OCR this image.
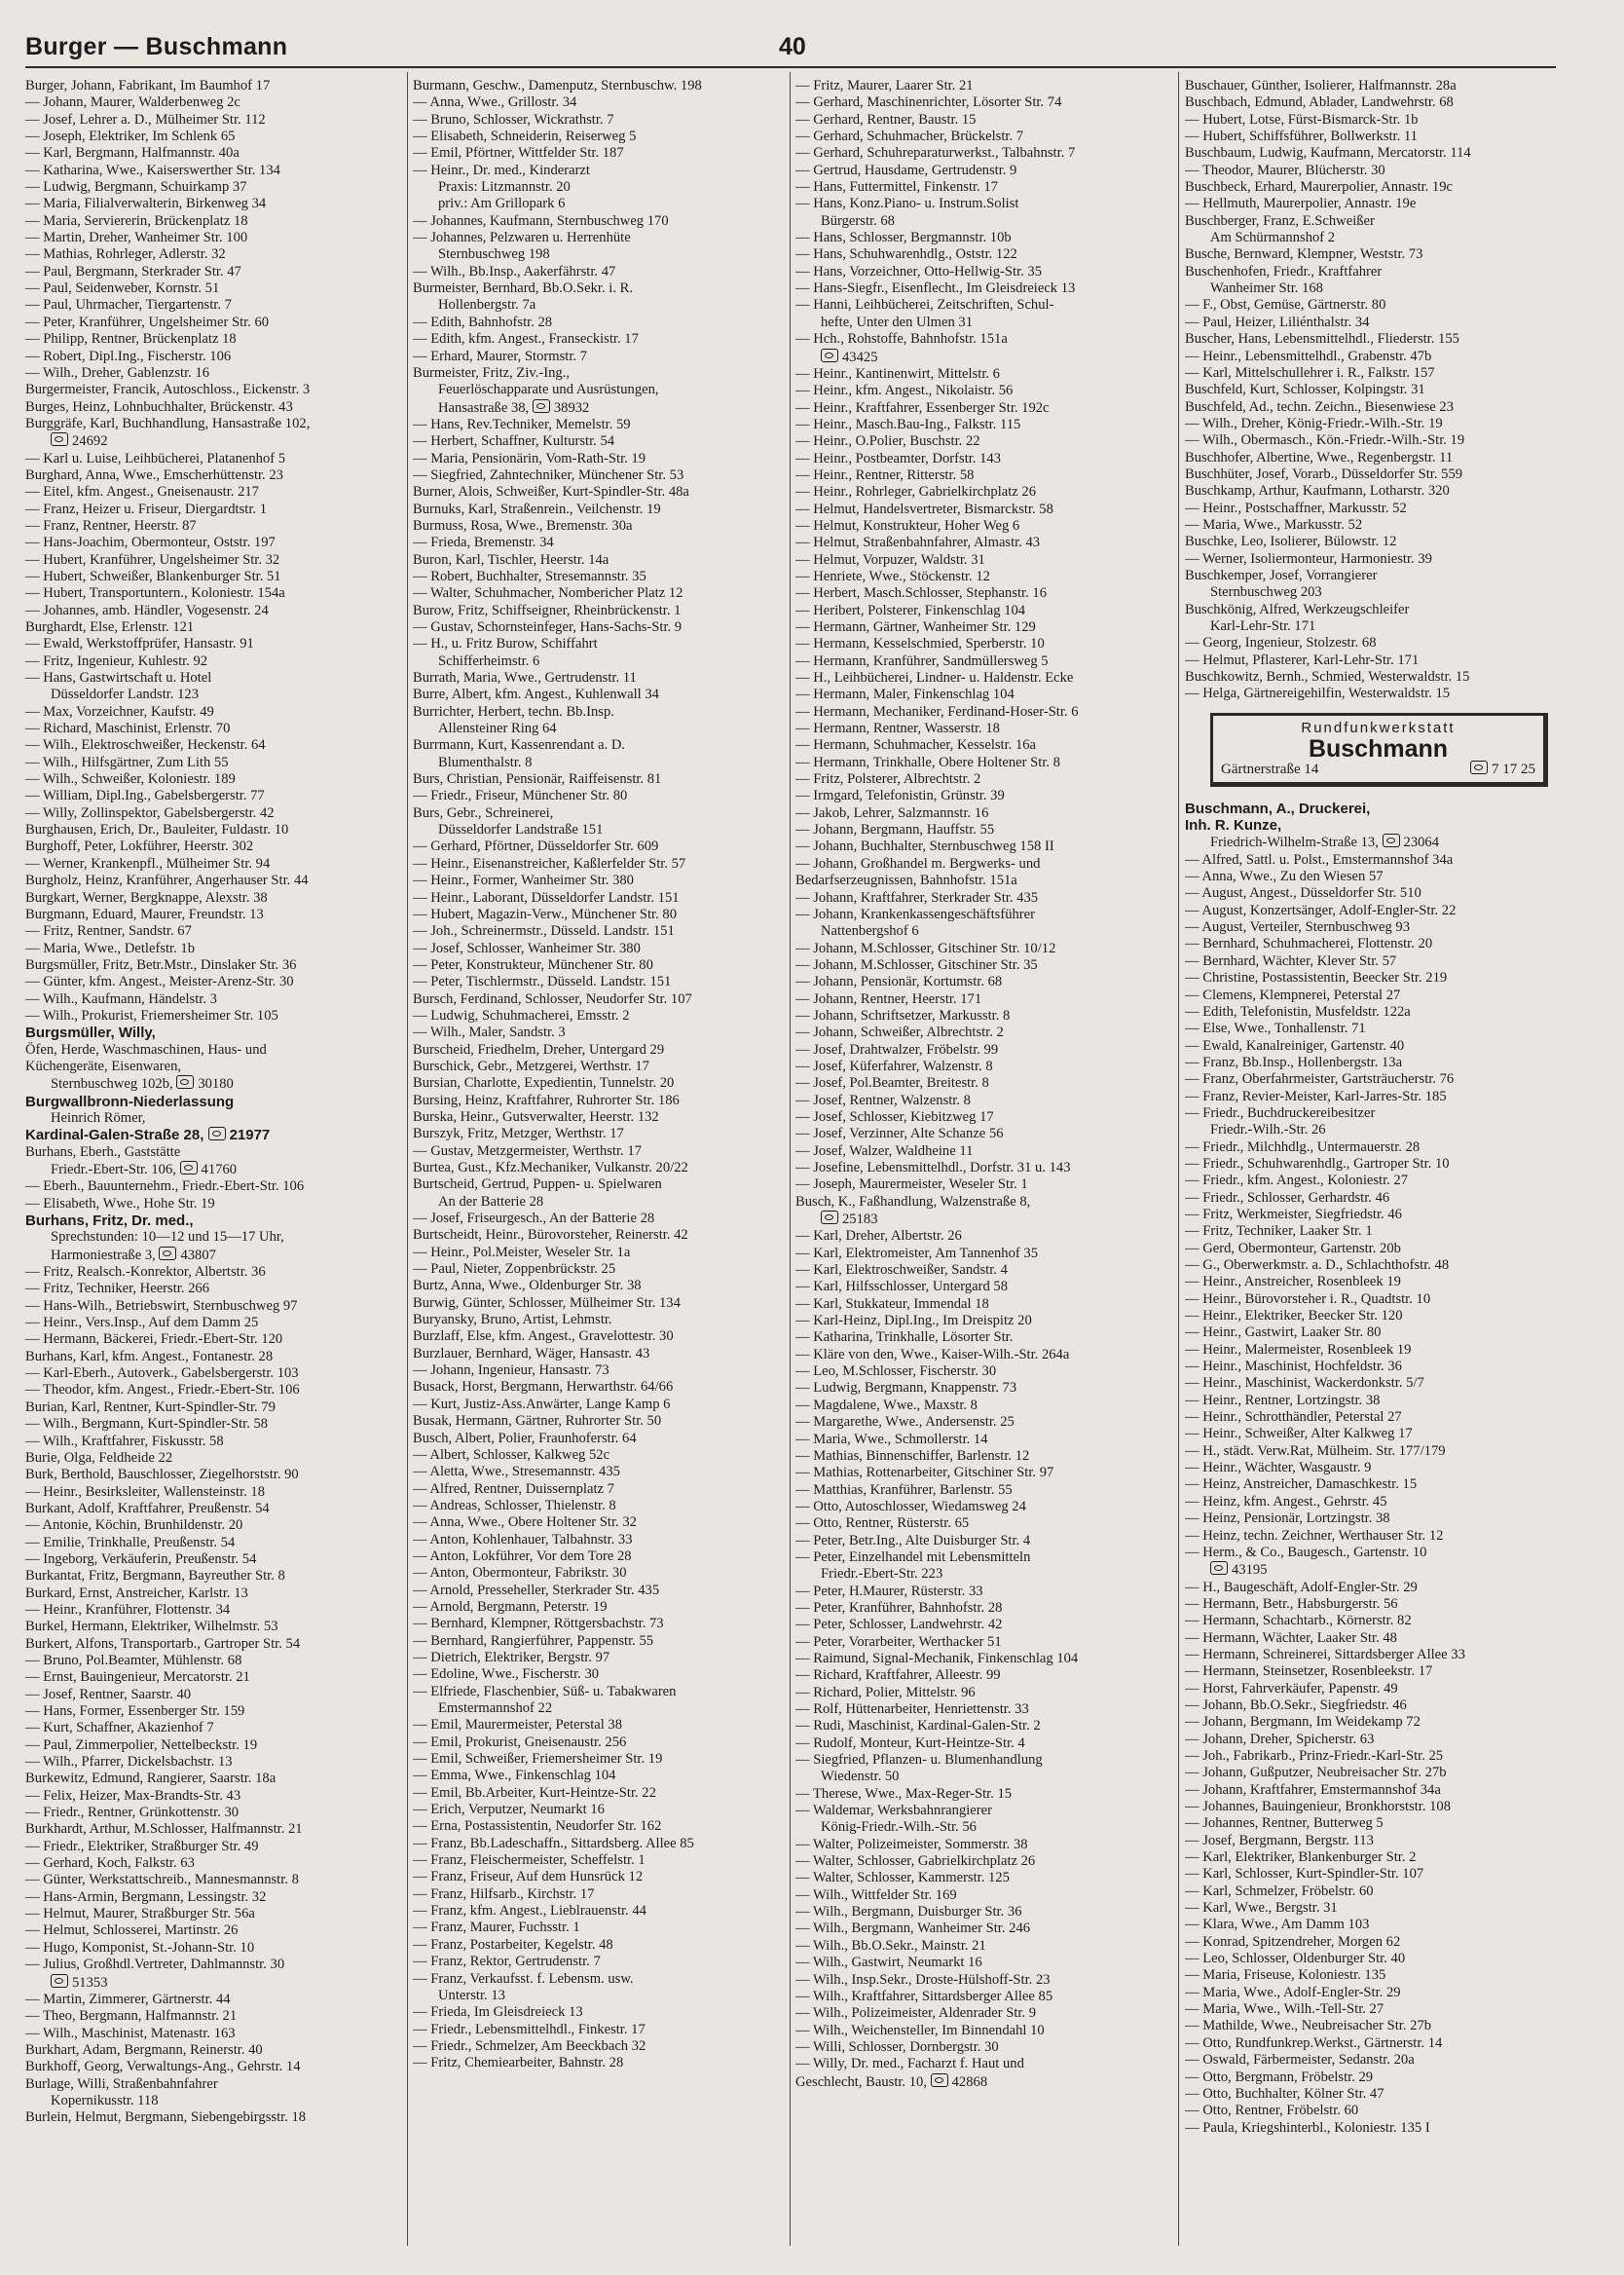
Burger — Buschmann	40
Burger, Johann, Fabrikant, Im Baumhof 17
— Johann, Maurer, Walderbenweg 2c
— Josef, Lehrer a. D., Mülheimer Str. 112
— Joseph, Elektriker, Im Schlenk 65
— Karl, Bergmann, Halfmannstr. 40a
— Katharina, Wwe., Kaiserswerther Str. 134
— Ludwig, Bergmann, Schuirkamp 37
— Maria, Filialverwalterin, Birkenweg 34
— Maria, Serviererin, Brückenplatz 18
— Martin, Dreher, Wanheimer Str. 100
— Mathias, Rohrleger, Adlerstr. 32
— Paul, Bergmann, Sterkrader Str. 47
— Paul, Seidenweber, Kornstr. 51
— Paul, Uhrmacher, Tiergartenstr. 7
— Peter, Kranführer, Ungelsheimer Str. 60
— Philipp, Rentner, Brückenplatz 18
— Robert, Dipl.Ing., Fischerstr. 106
— Wilh., Dreher, Gablenzstr. 16
Burgermeister, Francik, Autoschloss., Eickenstr. 3
Burges, Heinz, Lohnbuchhalter, Brückenstr. 43
Burggräfe, Karl, Buchhandlung, Hansastraße 102,
24692
— Karl u. Luise, Leihbücherei, Platanenhof 5
Burghard, Anna, Wwe., Emscherhüttenstr. 23
— Eitel, kfm. Angest., Gneisenaustr. 217
— Franz, Heizer u. Friseur, Diergardtstr. 1
— Franz, Rentner, Heerstr. 87
— Hans-Joachim, Obermonteur, Oststr. 197
— Hubert, Kranführer, Ungelsheimer Str. 32
— Hubert, Schweißer, Blankenburger Str. 51
— Hubert, Transportuntern., Koloniestr. 154a
— Johannes, amb. Händler, Vogesenstr. 24
Burghardt, Else, Erlenstr. 121
— Ewald, Werkstoffprüfer, Hansastr. 91
— Fritz, Ingenieur, Kuhlestr. 92
— Hans, Gastwirtschaft u. Hotel
Düsseldorfer Landstr. 123
— Max, Vorzeichner, Kaufstr. 49
— Richard, Maschinist, Erlenstr. 70
— Wilh., Elektroschweißer, Heckenstr. 64
— Wilh., Hilfsgärtner, Zum Lith 55
— Wilh., Schweißer, Koloniestr. 189
— William, Dipl.Ing., Gabelsbergerstr. 77
— Willy, Zollinspektor, Gabelsbergerstr. 42
Burghausen, Erich, Dr., Bauleiter, Fuldastr. 10
Burghoff, Peter, Lokführer, Heerstr. 302
— Werner, Krankenpfl., Mülheimer Str. 94
Burgholz, Heinz, Kranführer, Angerhauser Str. 44
Burgkart, Werner, Bergknappe, Alexstr. 38
Burgmann, Eduard, Maurer, Freundstr. 13
— Fritz, Rentner, Sandstr. 67
— Maria, Wwe., Detlefstr. 1b
Burgsmüller, Fritz, Betr.Mstr., Dinslaker Str. 36
— Günter, kfm. Angest., Meister-Arenz-Str. 30
— Wilh., Kaufmann, Händelstr. 3
— Wilh., Prokurist, Friemersheimer Str. 105
Burgsmüller, Willy,
Öfen, Herde, Waschmaschinen, Haus- und
Küchengeräte, Eisenwaren,
Sternbuschweg 102b, 30180
Burgwallbronn-Niederlassung
Heinrich Römer,
Kardinal-Galen-Straße 28, 21977
Burhans, Eberh., Gaststätte
Friedr.-Ebert-Str. 106, 41760
— Eberh., Bauunternehm., Friedr.-Ebert-Str. 106
— Elisabeth, Wwe., Hohe Str. 19
Burhans, Fritz, Dr. med.,
Sprechstunden: 10—12 und 15—17 Uhr,
Harmoniestraße 3, 43807
— Fritz, Realsch.-Konrektor, Albertstr. 36
— Fritz, Techniker, Heerstr. 266
— Hans-Wilh., Betriebswirt, Sternbuschweg 97
— Heinr., Vers.Insp., Auf dem Damm 25
— Hermann, Bäckerei, Friedr.-Ebert-Str. 120
Burhans, Karl, kfm. Angest., Fontanestr. 28
— Karl-Eberh., Autoverk., Gabelsbergerstr. 103
— Theodor, kfm. Angest., Friedr.-Ebert-Str. 106
Burian, Karl, Rentner, Kurt-Spindler-Str. 79
— Wilh., Bergmann, Kurt-Spindler-Str. 58
— Wilh., Kraftfahrer, Fiskusstr. 58
Burie, Olga, Feldheide 22
Burk, Berthold, Bauschlosser, Ziegelhorststr. 90
— Heinr., Besirksleiter, Wallensteinstr. 18
Burkant, Adolf, Kraftfahrer, Preußenstr. 54
— Antonie, Köchin, Brunhildenstr. 20
— Emilie, Trinkhalle, Preußenstr. 54
— Ingeborg, Verkäuferin, Preußenstr. 54
Burkantat, Fritz, Bergmann, Bayreuther Str. 8
Burkard, Ernst, Anstreicher, Karlstr. 13
— Heinr., Kranführer, Flottenstr. 34
Burkel, Hermann, Elektriker, Wilhelmstr. 53
Burkert, Alfons, Transportarb., Gartroper Str. 54
— Bruno, Pol.Beamter, Mühlenstr. 68
— Ernst, Bauingenieur, Mercatorstr. 21
— Josef, Rentner, Saarstr. 40
— Hans, Former, Essenberger Str. 159
— Kurt, Schaffner, Akazienhof 7
— Paul, Zimmerpolier, Nettelbeckstr. 19
— Wilh., Pfarrer, Dickelsbachstr. 13
Burkewitz, Edmund, Rangierer, Saarstr. 18a
— Felix, Heizer, Max-Brandts-Str. 43
— Friedr., Rentner, Grünkottenstr. 30
Burkhardt, Arthur, M.Schlosser, Halfmannstr. 21
— Friedr., Elektriker, Straßburger Str. 49
— Gerhard, Koch, Falkstr. 63
— Günter, Werkstattschreib., Mannesmannstr. 8
— Hans-Armin, Bergmann, Lessingstr. 32
— Helmut, Maurer, Straßburger Str. 56a
— Helmut, Schlosserei, Martinstr. 26
— Hugo, Komponist, St.-Johann-Str. 10
— Julius, Großhdl.Vertreter, Dahlmannstr. 30
51353
— Martin, Zimmerer, Gärtnerstr. 44
— Theo, Bergmann, Halfmannstr. 21
— Wilh., Maschinist, Matenastr. 163
Burkhart, Adam, Bergmann, Reinerstr. 40
Burkhoff, Georg, Verwaltungs-Ang., Gehrstr. 14
Burlage, Willi, Straßenbahnfahrer
Kopernikusstr. 118
Burlein, Helmut, Bergmann, Siebengebirgsstr. 18
Burmann, Geschw., Damenputz, Sternbuschw. 198
— Anna, Wwe., Grillostr. 34
— Bruno, Schlosser, Wickrathstr. 7
— Elisabeth, Schneiderin, Reiserweg 5
— Emil, Pförtner, Wittfelder Str. 187
— Heinr., Dr. med., Kinderarzt
Praxis: Litzmannstr. 20
priv.: Am Grillopark 6
— Johannes, Kaufmann, Sternbuschweg 170
— Johannes, Pelzwaren u. Herrenhüte
Sternbuschweg 198
— Wilh., Bb.Insp., Aakerfährstr. 47
Burmeister, Bernhard, Bb.O.Sekr. i. R.
Hollenbergstr. 7a
— Edith, Bahnhofstr. 28
— Edith, kfm. Angest., Franseckistr. 17
— Erhard, Maurer, Stormstr. 7
Burmeister, Fritz, Ziv.-Ing.,
Feuerlöschapparate und Ausrüstungen,
Hansastraße 38, 38932
— Hans, Rev.Techniker, Memelstr. 59
— Herbert, Schaffner, Kulturstr. 54
— Maria, Pensionärin, Vom-Rath-Str. 19
— Siegfried, Zahntechniker, Münchener Str. 53
Burner, Alois, Schweißer, Kurt-Spindler-Str. 48a
Burnuks, Karl, Straßenrein., Veilchenstr. 19
Burmuss, Rosa, Wwe., Bremenstr. 30a
— Frieda, Bremenstr. 34
Buron, Karl, Tischler, Heerstr. 14a
— Robert, Buchhalter, Stresemannstr. 35
— Walter, Schuhmacher, Nombericher Platz 12
Burow, Fritz, Schiffseigner, Rheinbrückenstr. 1
— Gustav, Schornsteinfeger, Hans-Sachs-Str. 9
— H., u. Fritz Burow, Schiffahrt
Schifferheimstr. 6
Burrath, Maria, Wwe., Gertrudenstr. 11
Burre, Albert, kfm. Angest., Kuhlenwall 34
Burrichter, Herbert, techn. Bb.Insp.
Allensteiner Ring 64
Burrmann, Kurt, Kassenrendant a. D.
Blumenthalstr. 8
Burs, Christian, Pensionär, Raiffeisenstr. 81
— Friedr., Friseur, Münchener Str. 80
Burs, Gebr., Schreinerei,
Düsseldorfer Landstraße 151
— Gerhard, Pförtner, Düsseldorfer Str. 609
— Heinr., Eisenanstreicher, Kaßlerfelder Str. 57
— Heinr., Former, Wanheimer Str. 380
— Heinr., Laborant, Düsseldorfer Landstr. 151
— Hubert, Magazin-Verw., Münchener Str. 80
— Joh., Schreinermstr., Düsseld. Landstr. 151
— Josef, Schlosser, Wanheimer Str. 380
— Peter, Konstrukteur, Münchener Str. 80
— Peter, Tischlermstr., Düsseld. Landstr. 151
Bursch, Ferdinand, Schlosser, Neudorfer Str. 107
— Ludwig, Schuhmacherei, Emsstr. 2
— Wilh., Maler, Sandstr. 3
Burscheid, Friedhelm, Dreher, Untergard 29
Burschick, Gebr., Metzgerei, Werthstr. 17
Bursian, Charlotte, Expedientin, Tunnelstr. 20
Bursing, Heinz, Kraftfahrer, Ruhrorter Str. 186
Burska, Heinr., Gutsverwalter, Heerstr. 132
Burszyk, Fritz, Metzger, Werthstr. 17
— Gustav, Metzgermeister, Werthstr. 17
Burtea, Gust., Kfz.Mechaniker, Vulkanstr. 20/22
Burtscheid, Gertrud, Puppen- u. Spielwaren
An der Batterie 28
— Josef, Friseurgesch., An der Batterie 28
Burtscheidt, Heinr., Bürovorsteher, Reinerstr. 42
— Heinr., Pol.Meister, Weseler Str. 1a
— Paul, Nieter, Zoppenbrückstr. 25
Burtz, Anna, Wwe., Oldenburger Str. 38
Burwig, Günter, Schlosser, Mülheimer Str. 134
Buryansky, Bruno, Artist, Lehmstr.
Burzlaff, Else, kfm. Angest., Gravelottestr. 30
Burzlauer, Bernhard, Wäger, Hansastr. 43
— Johann, Ingenieur, Hansastr. 73
Busack, Horst, Bergmann, Herwarthstr. 64/66
— Kurt, Justiz-Ass.Anwärter, Lange Kamp 6
Busak, Hermann, Gärtner, Ruhrorter Str. 50
Busch, Albert, Polier, Fraunhoferstr. 64
— Albert, Schlosser, Kalkweg 52c
— Aletta, Wwe., Stresemannstr. 435
— Alfred, Rentner, Duissernplatz 7
— Andreas, Schlosser, Thielenstr. 8
— Anna, Wwe., Obere Holtener Str. 32
— Anton, Kohlenhauer, Talbahnstr. 33
— Anton, Lokführer, Vor dem Tore 28
— Anton, Obermonteur, Fabrikstr. 30
— Arnold, Presseheller, Sterkrader Str. 435
— Arnold, Bergmann, Peterstr. 19
— Bernhard, Klempner, Röttgersbachstr. 73
— Bernhard, Rangierführer, Pappenstr. 55
— Dietrich, Elektriker, Bergstr. 97
— Edoline, Wwe., Fischerstr. 30
— Elfriede, Flaschenbier, Süß- u. Tabakwaren
Emstermannshof 22
— Emil, Maurermeister, Peterstal 38
— Emil, Prokurist, Gneisenaustr. 256
— Emil, Schweißer, Friemersheimer Str. 19
— Emma, Wwe., Finkenschlag 104
— Emil, Bb.Arbeiter, Kurt-Heintze-Str. 22
— Erich, Verputzer, Neumarkt 16
— Erna, Postassistentin, Neudorfer Str. 162
— Franz, Bb.Ladeschaffn., Sittardsberg. Allee 85
— Franz, Fleischermeister, Scheffelstr. 1
— Franz, Friseur, Auf dem Hunsrück 12
— Franz, Hilfsarb., Kirchstr. 17
— Franz, kfm. Angest., Lieblrauenstr. 44
— Franz, Maurer, Fuchsstr. 1
— Franz, Postarbeiter, Kegelstr. 48
— Franz, Rektor, Gertrudenstr. 7
— Franz, Verkaufsst. f. Lebensm. usw.
Unterstr. 13
— Frieda, Im Gleisdreieck 13
— Friedr., Lebensmittelhdl., Finkestr. 17
— Friedr., Schmelzer, Am Beeckbach 32
— Fritz, Chemiearbeiter, Bahnstr. 28
— Fritz, Maurer, Laarer Str. 21
— Gerhard, Maschinenrichter, Lösorter Str. 74
— Gerhard, Rentner, Baustr. 15
— Gerhard, Schuhmacher, Brückelstr. 7
— Gerhard, Schuhreparaturwerkst., Talbahnstr. 7
— Gertrud, Hausdame, Gertrudenstr. 9
— Hans, Futtermittel, Finkenstr. 17
— Hans, Konz.Piano- u. Instrum.Solist
Bürgerstr. 68
— Hans, Schlosser, Bergmannstr. 10b
— Hans, Schuhwarenhdlg., Oststr. 122
— Hans, Vorzeichner, Otto-Hellwig-Str. 35
— Hans-Siegfr., Eisenflecht., Im Gleisdreieck 13
— Hanni, Leihbücherei, Zeitschriften, Schul-
hefte, Unter den Ulmen 31
— Hch., Rohstoffe, Bahnhofstr. 151a
43425
— Heinr., Kantinenwirt, Mittelstr. 6
— Heinr., kfm. Angest., Nikolaistr. 56
— Heinr., Kraftfahrer, Essenberger Str. 192c
— Heinr., Masch.Bau-Ing., Falkstr. 115
— Heinr., O.Polier, Buschstr. 22
— Heinr., Postbeamter, Dorfstr. 143
— Heinr., Rentner, Ritterstr. 58
— Heinr., Rohrleger, Gabrielkirchplatz 26
— Helmut, Handelsvertreter, Bismarckstr. 58
— Helmut, Konstrukteur, Hoher Weg 6
— Helmut, Straßenbahnfahrer, Almastr. 43
— Helmut, Vorpuzer, Waldstr. 31
— Henriete, Wwe., Stöckenstr. 12
— Herbert, Masch.Schlosser, Stephanstr. 16
— Heribert, Polsterer, Finkenschlag 104
— Hermann, Gärtner, Wanheimer Str. 129
— Hermann, Kesselschmied, Sperberstr. 10
— Hermann, Kranführer, Sandmüllersweg 5
— H., Leihbücherei, Lindner- u. Haldenstr. Ecke
— Hermann, Maler, Finkenschlag 104
— Hermann, Mechaniker, Ferdinand-Hoser-Str. 6
— Hermann, Rentner, Wasserstr. 18
— Hermann, Schuhmacher, Kesselstr. 16a
— Hermann, Trinkhalle, Obere Holtener Str. 8
— Fritz, Polsterer, Albrechtstr. 2
— Irmgard, Telefonistin, Grünstr. 39
— Jakob, Lehrer, Salzmannstr. 16
— Johann, Bergmann, Hauffstr. 55
— Johann, Buchhalter, Sternbuschweg 158 II
— Johann, Großhandel m. Bergwerks- und
Bedarfserzeugnissen, Bahnhofstr. 151a
— Johann, Kraftfahrer, Sterkrader Str. 435
— Johann, Krankenkassengeschäftsführer
Nattenbergshof 6
— Johann, M.Schlosser, Gitschiner Str. 10/12
— Johann, M.Schlosser, Gitschiner Str. 35
— Johann, Pensionär, Kortumstr. 68
— Johann, Rentner, Heerstr. 171
— Johann, Schriftsetzer, Markusstr. 8
— Johann, Schweißer, Albrechtstr. 2
— Josef, Drahtwalzer, Fröbelstr. 99
— Josef, Küferfahrer, Walzenstr. 8
— Josef, Pol.Beamter, Breitestr. 8
— Josef, Rentner, Walzenstr. 8
— Josef, Schlosser, Kiebitzweg 17
— Josef, Verzinner, Alte Schanze 56
— Josef, Walzer, Waldheine 11
— Josefine, Lebensmittelhdl., Dorfstr. 31 u. 143
— Joseph, Maurermeister, Weseler Str. 1
Busch, K., Faßhandlung, Walzenstraße 8,
25183
— Karl, Dreher, Albertstr. 26
— Karl, Elektromeister, Am Tannenhof 35
— Karl, Elektroschweißer, Sandstr. 4
— Karl, Hilfsschlosser, Untergard 58
— Karl, Stukkateur, Immendal 18
— Karl-Heinz, Dipl.Ing., Im Dreispitz 20
— Katharina, Trinkhalle, Lösorter Str.
— Kläre von den, Wwe., Kaiser-Wilh.-Str. 264a
— Leo, M.Schlosser, Fischerstr. 30
— Ludwig, Bergmann, Knappenstr. 73
— Magdalene, Wwe., Maxstr. 8
— Margarethe, Wwe., Andersenstr. 25
— Maria, Wwe., Schmollerstr. 14
— Mathias, Binnenschiffer, Barlenstr. 12
— Mathias, Rottenarbeiter, Gitschiner Str. 97
— Matthias, Kranführer, Barlenstr. 55
— Otto, Autoschlosser, Wiedamsweg 24
— Otto, Rentner, Rüsterstr. 65
— Peter, Betr.Ing., Alte Duisburger Str. 4
— Peter, Einzelhandel mit Lebensmitteln
Friedr.-Ebert-Str. 223
— Peter, H.Maurer, Rüsterstr. 33
— Peter, Kranführer, Bahnhofstr. 28
— Peter, Schlosser, Landwehrstr. 42
— Peter, Vorarbeiter, Werthacker 51
— Raimund, Signal-Mechanik, Finkenschlag 104
— Richard, Kraftfahrer, Alleestr. 99
— Richard, Polier, Mittelstr. 96
— Rolf, Hüttenarbeiter, Henriettenstr. 33
— Rudi, Maschinist, Kardinal-Galen-Str. 2
— Rudolf, Monteur, Kurt-Heintze-Str. 4
— Siegfried, Pflanzen- u. Blumenhandlung
Wiedenstr. 50
— Therese, Wwe., Max-Reger-Str. 15
— Waldemar, Werksbahnrangierer
König-Friedr.-Wilh.-Str. 56
— Walter, Polizeimeister, Sommerstr. 38
— Walter, Schlosser, Gabrielkirchplatz 26
— Walter, Schlosser, Kammerstr. 125
— Wilh., Wittfelder Str. 169
— Wilh., Bergmann, Duisburger Str. 36
— Wilh., Bergmann, Wanheimer Str. 246
— Wilh., Bb.O.Sekr., Mainstr. 21
— Wilh., Gastwirt, Neumarkt 16
— Wilh., Insp.Sekr., Droste-Hülshoff-Str. 23
— Wilh., Kraftfahrer, Sittardsberger Allee 85
— Wilh., Polizeimeister, Aldenrader Str. 9
— Wilh., Weichensteller, Im Binnendahl 10
— Willi, Schlosser, Dornbergstr. 30
— Willy, Dr. med., Facharzt f. Haut und
Geschlecht, Baustr. 10, 42868
Buschauer, Günther, Isolierer, Halfmannstr. 28a
Buschbach, Edmund, Ablader, Landwehrstr. 68
— Hubert, Lotse, Fürst-Bismarck-Str. 1b
— Hubert, Schiffsführer, Bollwerkstr. 11
Buschbaum, Ludwig, Kaufmann, Mercatorstr. 114
— Theodor, Maurer, Blücherstr. 30
Buschbeck, Erhard, Maurerpolier, Annastr. 19c
— Hellmuth, Maurerpolier, Annastr. 19e
Buschberger, Franz, E.Schweißer
Am Schürmannshof 2
Busche, Bernward, Klempner, Weststr. 73
Buschenhofen, Friedr., Kraftfahrer
Wanheimer Str. 168
— F., Obst, Gemüse, Gärtnerstr. 80
— Paul, Heizer, Liliénthalstr. 34
Buscher, Hans, Lebensmittelhdl., Fliederstr. 155
— Heinr., Lebensmittelhdl., Grabenstr. 47b
— Karl, Mittelschullehrer i. R., Falkstr. 157
Buschfeld, Kurt, Schlosser, Kolpingstr. 31
Buschfeld, Ad., techn. Zeichn., Biesenwiese 23
— Wilh., Dreher, König-Friedr.-Wilh.-Str. 19
— Wilh., Obermasch., Kön.-Friedr.-Wilh.-Str. 19
Buschhofer, Albertine, Wwe., Regenbergstr. 11
Buschhüter, Josef, Vorarb., Düsseldorfer Str. 559
Buschkamp, Arthur, Kaufmann, Lotharstr. 320
— Heinr., Postschaffner, Markusstr. 52
— Maria, Wwe., Markusstr. 52
Buschke, Leo, Isolierer, Bülowstr. 12
— Werner, Isoliermonteur, Harmoniestr. 39
Buschkemper, Josef, Vorrangierer
Sternbuschweg 203
Buschkönig, Alfred, Werkzeugschleifer
Karl-Lehr-Str. 171
— Georg, Ingenieur, Stolzestr. 68
— Helmut, Pflasterer, Karl-Lehr-Str. 171
Buschkowitz, Bernh., Schmied, Westerwaldstr. 15
— Helga, Gärtnereigehilfin, Westerwaldstr. 15
Rundfunkwerkstatt
Buschmann
Gärtnerstraße 14	7 17 25
Buschmann, A., Druckerei,
Inh. R. Kunze,
Friedrich-Wilhelm-Straße 13, 23064
— Alfred, Sattl. u. Polst., Emstermannshof 34a
— Anna, Wwe., Zu den Wiesen 57
— August, Angest., Düsseldorfer Str. 510
— August, Konzertsänger, Adolf-Engler-Str. 22
— August, Verteiler, Sternbuschweg 93
— Bernhard, Schuhmacherei, Flottenstr. 20
— Bernhard, Wächter, Klever Str. 57
— Christine, Postassistentin, Beecker Str. 219
— Clemens, Klempnerei, Peterstal 27
— Edith, Telefonistin, Musfeldstr. 122a
— Else, Wwe., Tonhallenstr. 71
— Ewald, Kanalreiniger, Gartenstr. 40
— Franz, Bb.Insp., Hollenbergstr. 13a
— Franz, Oberfahrmeister, Gartsträucherstr. 76
— Franz, Revier-Meister, Karl-Jarres-Str. 185
— Friedr., Buchdruckereibesitzer
Friedr.-Wilh.-Str. 26
— Friedr., Milchhdlg., Untermauerstr. 28
— Friedr., Schuhwarenhdlg., Gartroper Str. 10
— Friedr., kfm. Angest., Koloniestr. 27
— Friedr., Schlosser, Gerhardstr. 46
— Fritz, Werkmeister, Siegfriedstr. 46
— Fritz, Techniker, Laaker Str. 1
— Gerd, Obermonteur, Gartenstr. 20b
— G., Oberwerkmstr. a. D., Schlachthofstr. 48
— Heinr., Anstreicher, Rosenbleek 19
— Heinr., Bürovorsteher i. R., Quadtstr. 10
— Heinr., Elektriker, Beecker Str. 120
— Heinr., Gastwirt, Laaker Str. 80
— Heinr., Malermeister, Rosenbleek 19
— Heinr., Maschinist, Hochfeldstr. 36
— Heinr., Maschinist, Wackerdonkstr. 5/7
— Heinr., Rentner, Lortzingstr. 38
— Heinr., Schrotthändler, Peterstal 27
— Heinr., Schweißer, Alter Kalkweg 17
— H., städt. Verw.Rat, Mülheim. Str. 177/179
— Heinr., Wächter, Wasgaustr. 9
— Heinz, Anstreicher, Damaschkestr. 15
— Heinz, kfm. Angest., Gehrstr. 45
— Heinz, Pensionär, Lortzingstr. 38
— Heinz, techn. Zeichner, Werthauser Str. 12
— Herm., & Co., Baugesch., Gartenstr. 10
43195
— H., Baugeschäft, Adolf-Engler-Str. 29
— Hermann, Betr., Habsburgerstr. 56
— Hermann, Schachtarb., Körnerstr. 82
— Hermann, Wächter, Laaker Str. 48
— Hermann, Schreinerei, Sittardsberger Allee 33
— Hermann, Steinsetzer, Rosenbleekstr. 17
— Horst, Fahrverkäufer, Papenstr. 49
— Johann, Bb.O.Sekr., Siegfriedstr. 46
— Johann, Bergmann, Im Weidekamp 72
— Johann, Dreher, Spicherstr. 63
— Joh., Fabrikarb., Prinz-Friedr.-Karl-Str. 25
— Johann, Gußputzer, Neubreisacher Str. 27b
— Johann, Kraftfahrer, Emstermannshof 34a
— Johannes, Bauingenieur, Bronkhorststr. 108
— Johannes, Rentner, Butterweg 5
— Josef, Bergmann, Bergstr. 113
— Karl, Elektriker, Blankenburger Str. 2
— Karl, Schlosser, Kurt-Spindler-Str. 107
— Karl, Schmelzer, Fröbelstr. 60
— Karl, Wwe., Bergstr. 31
— Klara, Wwe., Am Damm 103
— Konrad, Spitzendreher, Morgen 62
— Leo, Schlosser, Oldenburger Str. 40
— Maria, Friseuse, Koloniestr. 135
— Maria, Wwe., Adolf-Engler-Str. 29
— Maria, Wwe., Wilh.-Tell-Str. 27
— Mathilde, Wwe., Neubreisacher Str. 27b
— Otto, Rundfunkrep.Werkst., Gärtnerstr. 14
— Oswald, Färbermeister, Sedanstr. 20a
— Otto, Bergmann, Fröbelstr. 29
— Otto, Buchhalter, Kölner Str. 47
— Otto, Rentner, Fröbelstr. 60
— Paula, Kriegshinterbl., Koloniestr. 135 I
